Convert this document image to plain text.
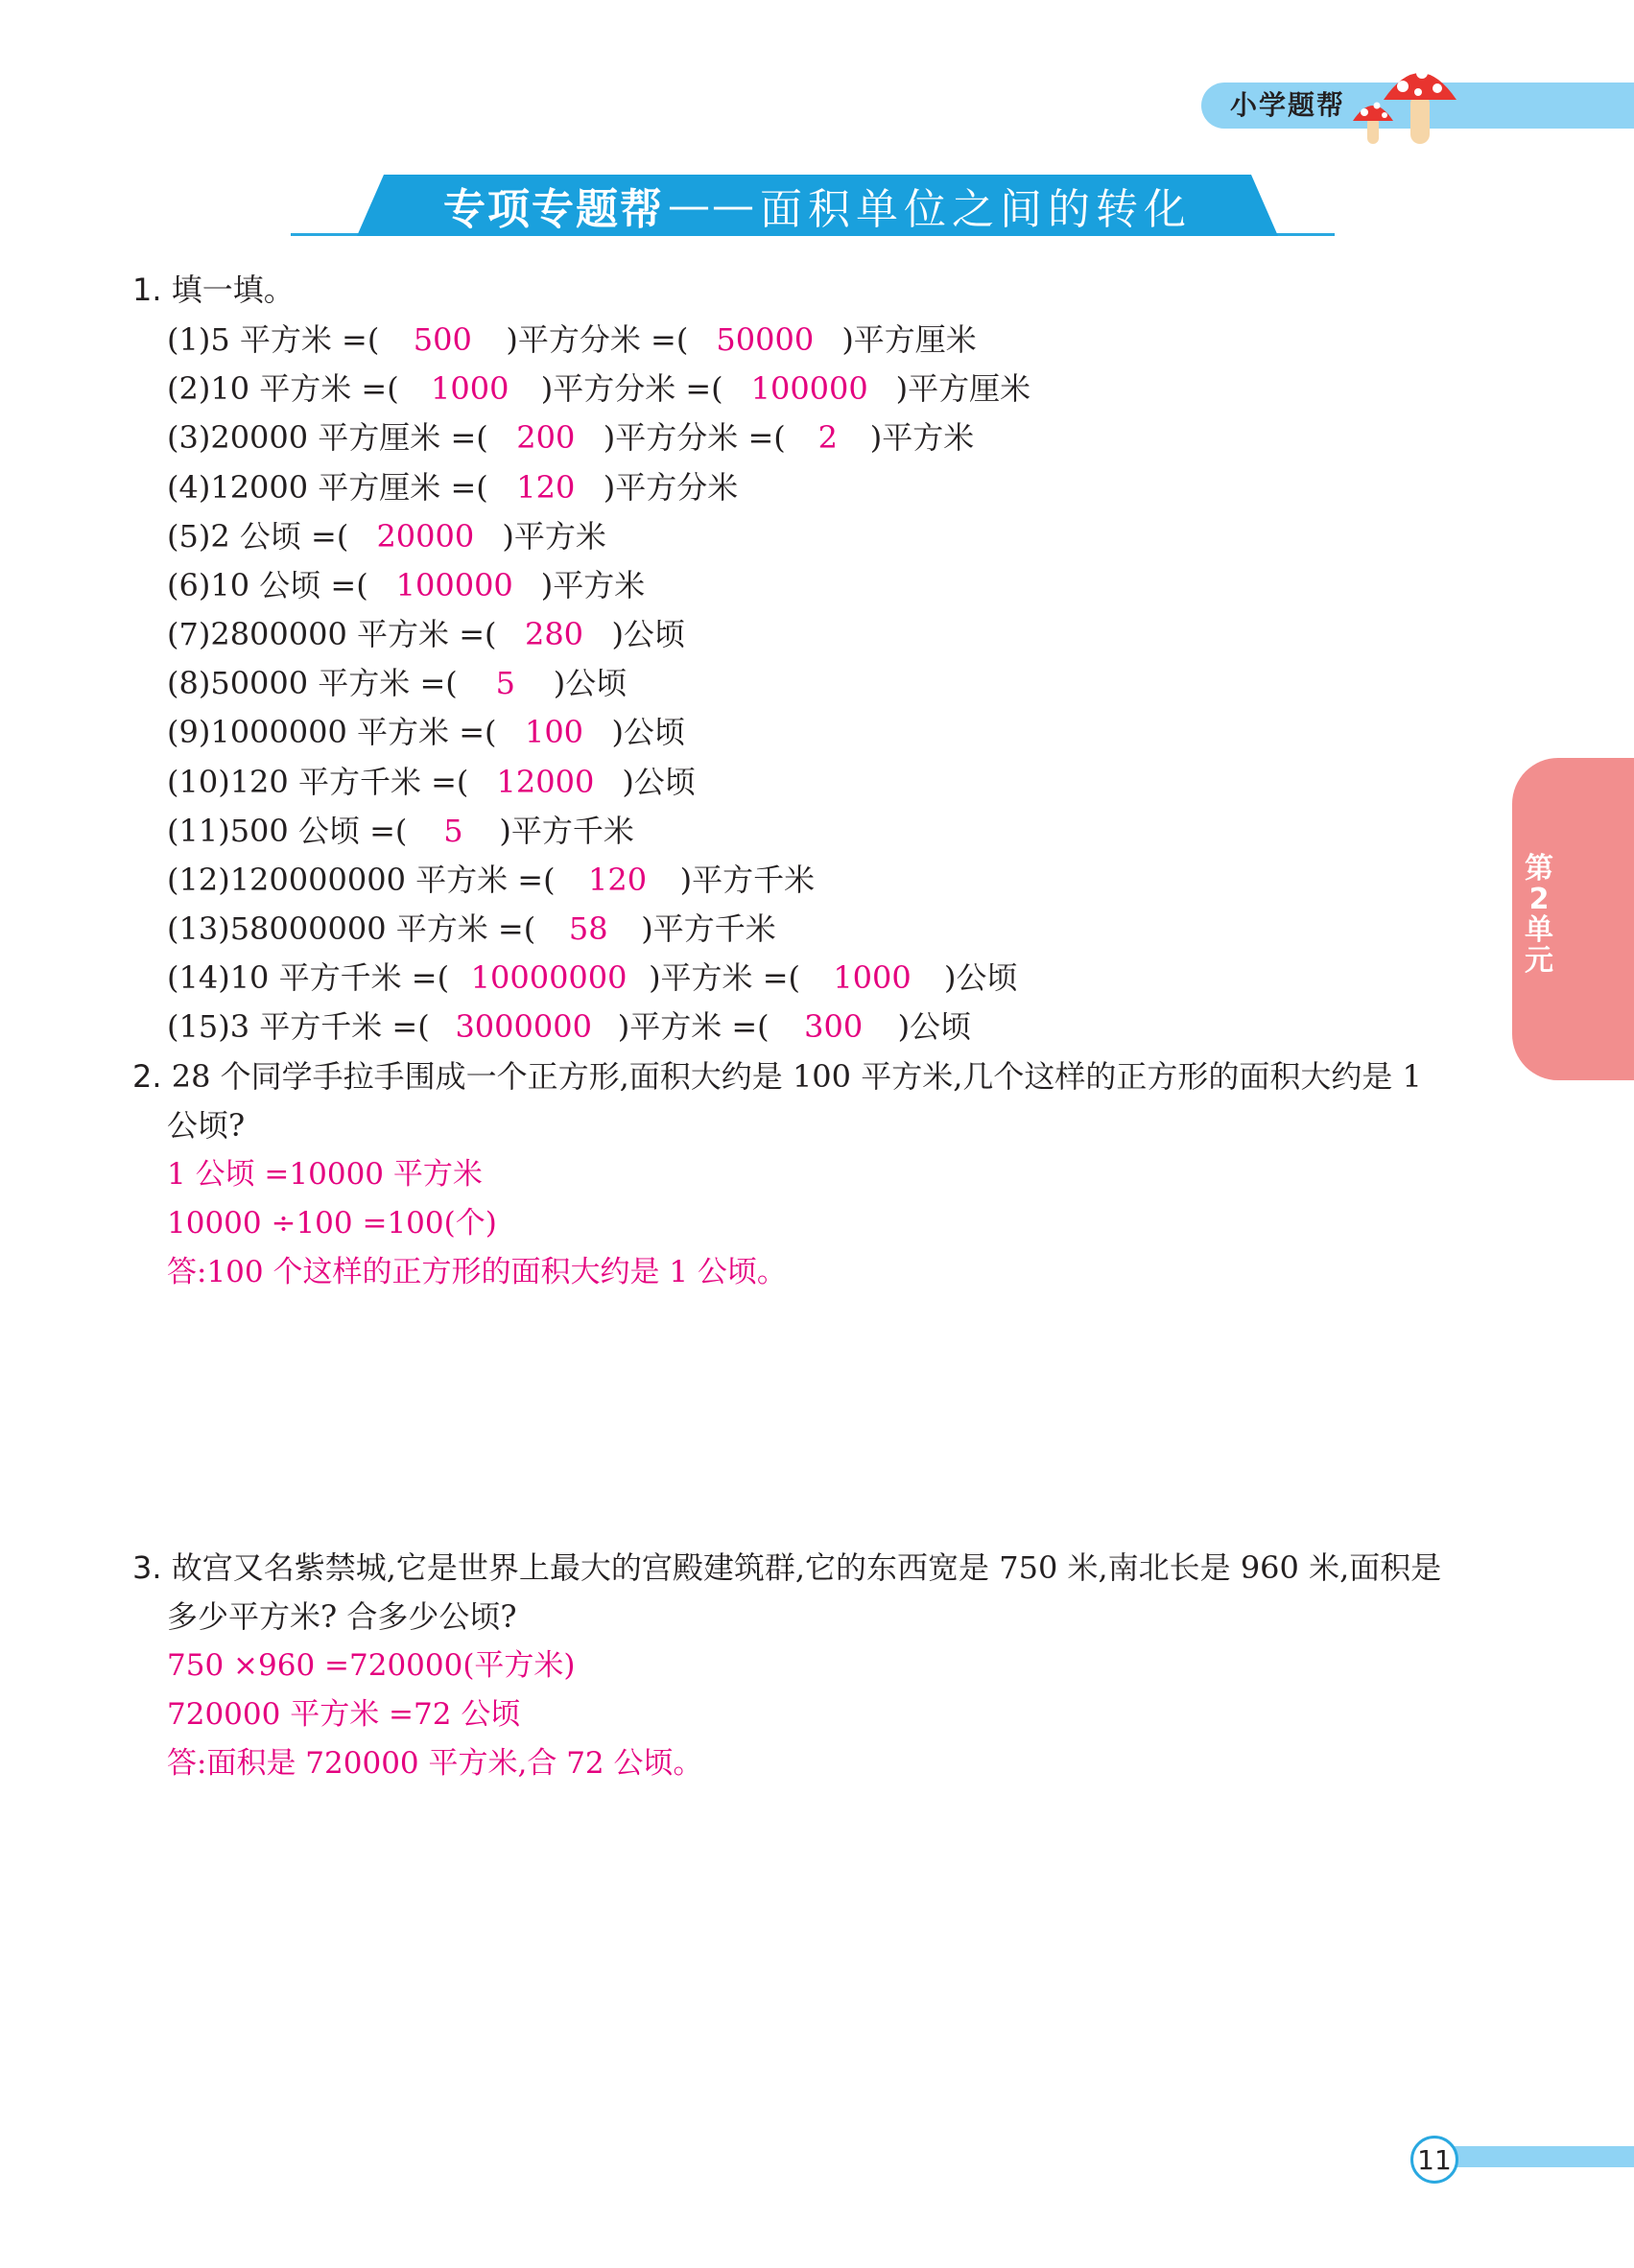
小学题帮
专项专题帮 —— 面积单位之间的转化
1. 填一填。
(1)5 平方米 =( 500 )平方分米 =( 50000 )平方厘米
(2)10 平方米 =( 1000 )平方分米 =( 100000 )平方厘米
(3)20000 平方厘米 =( 200 )平方分米 =( 2 )平方米
(4)12000 平方厘米 =( 120 )平方分米
(5)2 公顷 =( 20000 )平方米
(6)10 公顷 =( 100000 )平方米
(7)2800000 平方米 =( 280 )公顷
(8)50000 平方米 =( 5 )公顷
(9)1000000 平方米 =( 100 )公顷
(10)120 平方千米 =( 12000 )公顷
(11)500 公顷 =( 5 )平方千米
(12)120000000 平方米 =( 120 )平方千米
(13)58000000 平方米 =( 58 )平方千米
(14)10 平方千米 =( 10000000 )平方米 =( 1000 )公顷
(15)3 平方千米 =( 3000000 )平方米 =( 300 )公顷
2. 28 个同学手拉手围成一个正方形,面积大约是 100 平方米,几个这样的正方形的面积大约是 1
公顷?
1 公顷 =10000 平方米
10000 ÷100 =100(个)
答:100 个这样的正方形的面积大约是 1 公顷。
3. 故宫又名紫禁城,它是世界上最大的宫殿建筑群,它的东西宽是 750 米,南北长是 960 米,面积是
多少平方米? 合多少公顷?
750 ×960 =720000(平方米)
720000 平方米 =72 公顷
答:面积是 720000 平方米,合 72 公顷。
第
2
单
元
11
